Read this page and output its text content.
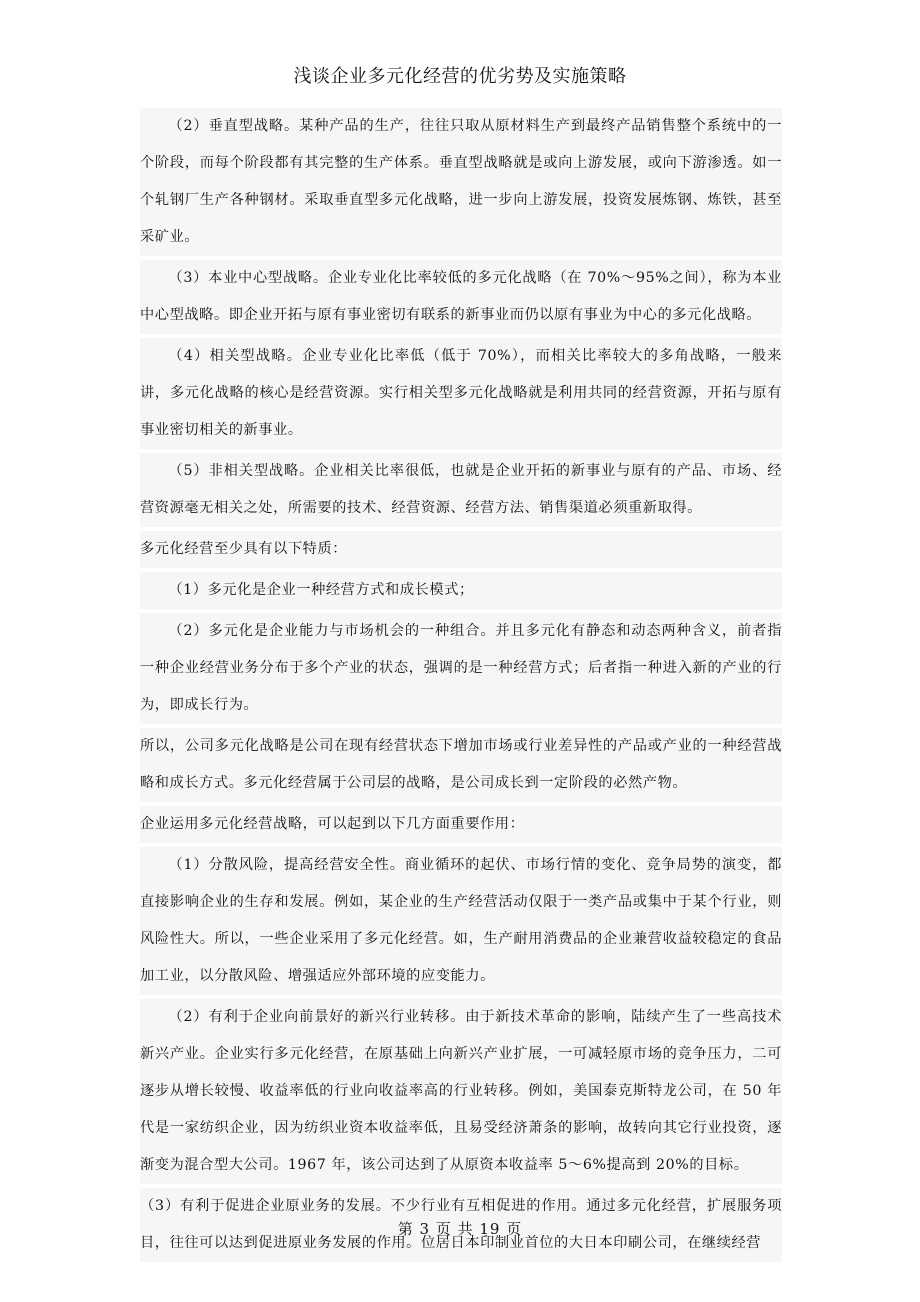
浅谈企业多元化经营的优劣势及实施策略

（2）垂直型战略。某种产品的生产，往往只取从原材料生产到最终产品销售整个系统中的一个阶段，而每个阶段都有其完整的生产体系。垂直型战略就是或向上游发展，或向下游渗透。如一个轧钢厂生产各种钢材。采取垂直型多元化战略，进一步向上游发展，投资发展炼钢、炼铁，甚至采矿业。

（3）本业中心型战略。企业专业化比率较低的多元化战略（在 70%～95%之间），称为本业中心型战略。即企业开拓与原有事业密切有联系的新事业而仍以原有事业为中心的多元化战略。

（4）相关型战略。企业专业化比率低（低于 70%），而相关比率较大的多角战略，一般来讲，多元化战略的核心是经营资源。实行相关型多元化战略就是利用共同的经营资源，开拓与原有事业密切相关的新事业。

（5）非相关型战略。企业相关比率很低，也就是企业开拓的新事业与原有的产品、市场、经营资源毫无相关之处，所需要的技术、经营资源、经营方法、销售渠道必须重新取得。

多元化经营至少具有以下特质：

（1）多元化是企业一种经营方式和成长模式；

（2）多元化是企业能力与市场机会的一种组合。并且多元化有静态和动态两种含义，前者指一种企业经营业务分布于多个产业的状态，强调的是一种经营方式；后者指一种进入新的产业的行为，即成长行为。

所以，公司多元化战略是公司在现有经营状态下增加市场或行业差异性的产品或产业的一种经营战略和成长方式。多元化经营属于公司层的战略，是公司成长到一定阶段的必然产物。

企业运用多元化经营战略，可以起到以下几方面重要作用：

（1）分散风险，提高经营安全性。商业循环的起伏、市场行情的变化、竞争局势的演变，都直接影响企业的生存和发展。例如，某企业的生产经营活动仅限于一类产品或集中于某个行业，则风险性大。所以，一些企业采用了多元化经营。如，生产耐用消费品的企业兼营收益较稳定的食品加工业，以分散风险、增强适应外部环境的应变能力。

（2）有利于企业向前景好的新兴行业转移。由于新技术革命的影响，陆续产生了一些高技术新兴产业。企业实行多元化经营，在原基础上向新兴产业扩展，一可减轻原市场的竞争压力，二可逐步从增长较慢、收益率低的行业向收益率高的行业转移。例如，美国泰克斯特龙公司，在 50 年代是一家纺织企业，因为纺织业资本收益率低，且易受经济萧条的影响，故转向其它行业投资，逐渐变为混合型大公司。1967 年，该公司达到了从原资本收益率 5～6%提高到 20%的目标。

（3）有利于促进企业原业务的发展。不少行业有互相促进的作用。通过多元化经营，扩展服务项目，往往可以达到促进原业务发展的作用。位居日本印制业首位的大日本印刷公司，在继续经营

第 3 页 共 19 页
